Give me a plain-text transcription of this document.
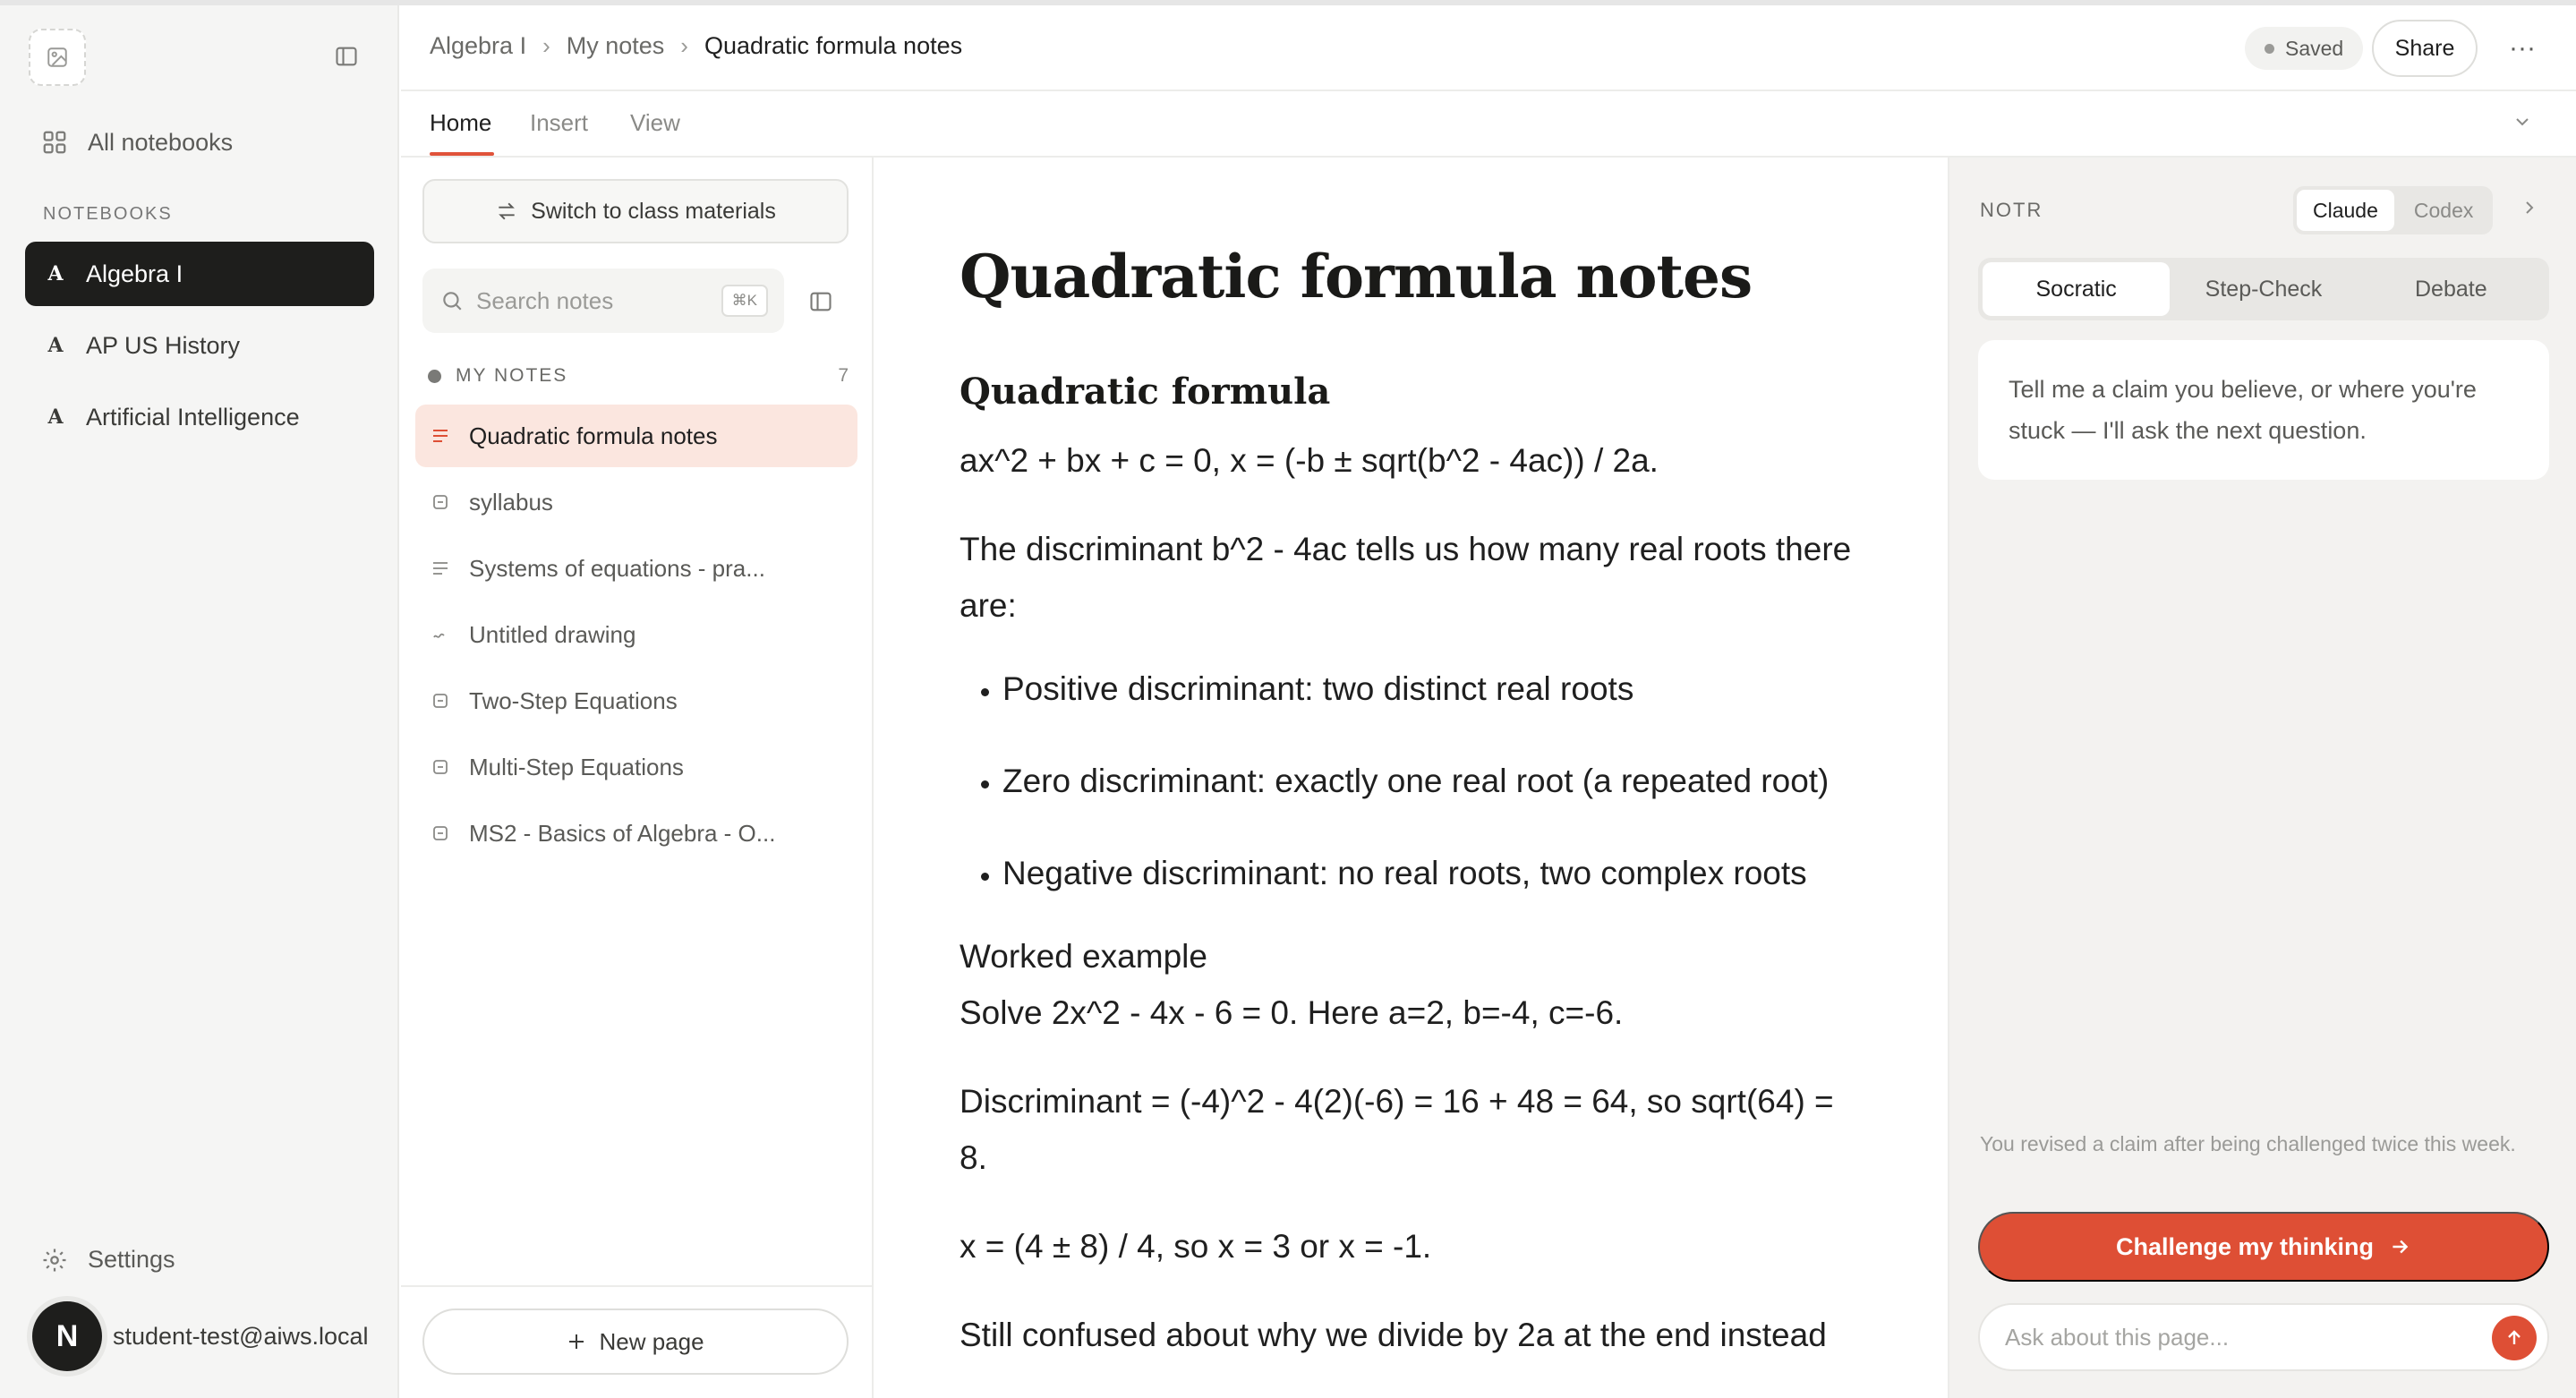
All notebooks
NOTEBOOKS
A Algebra I
A AP US History
A Artificial Intelligence
Settings
N	student-test@aiws.local
Algebra I › My notes › Quadratic formula notes	Saved	Share	···
Home Insert View
Switch to class materials
Search notes
⌘K
MY NOTES	7
Quadratic formula notes
syllabus
Systems of equations - pra...
Untitled drawing
Two-Step Equations
Multi-Step Equations
MS2 - Basics of Algebra - O...
New page
Quadratic formula notes
Quadratic formula

ax^2 + bx + c = 0, x = (-b ± sqrt(b^2 - 4ac)) / 2a.

The discriminant b^2 - 4ac tells us how many real roots there are:

• Positive discriminant: two distinct real roots
• Zero discriminant: exactly one real root (a repeated root)
• Negative discriminant: no real roots, two complex roots

Worked example

Solve 2x^2 - 4x - 6 = 0. Here a=2, b=-4, c=-6.

Discriminant = (-4)^2 - 4(2)(-6) = 16 + 48 = 64, so sqrt(64) = 8.

x = (4 ± 8) / 4, so x = 3 or x = -1.

Still confused about why we divide by 2a at the end instead

NOTR	Claude	Codex
Socratic	Step-Check	Debate
Tell me a claim you believe, or where you're stuck — I'll ask the next question.
You revised a claim after being challenged twice this week.
Challenge my thinking
Ask about this page...
